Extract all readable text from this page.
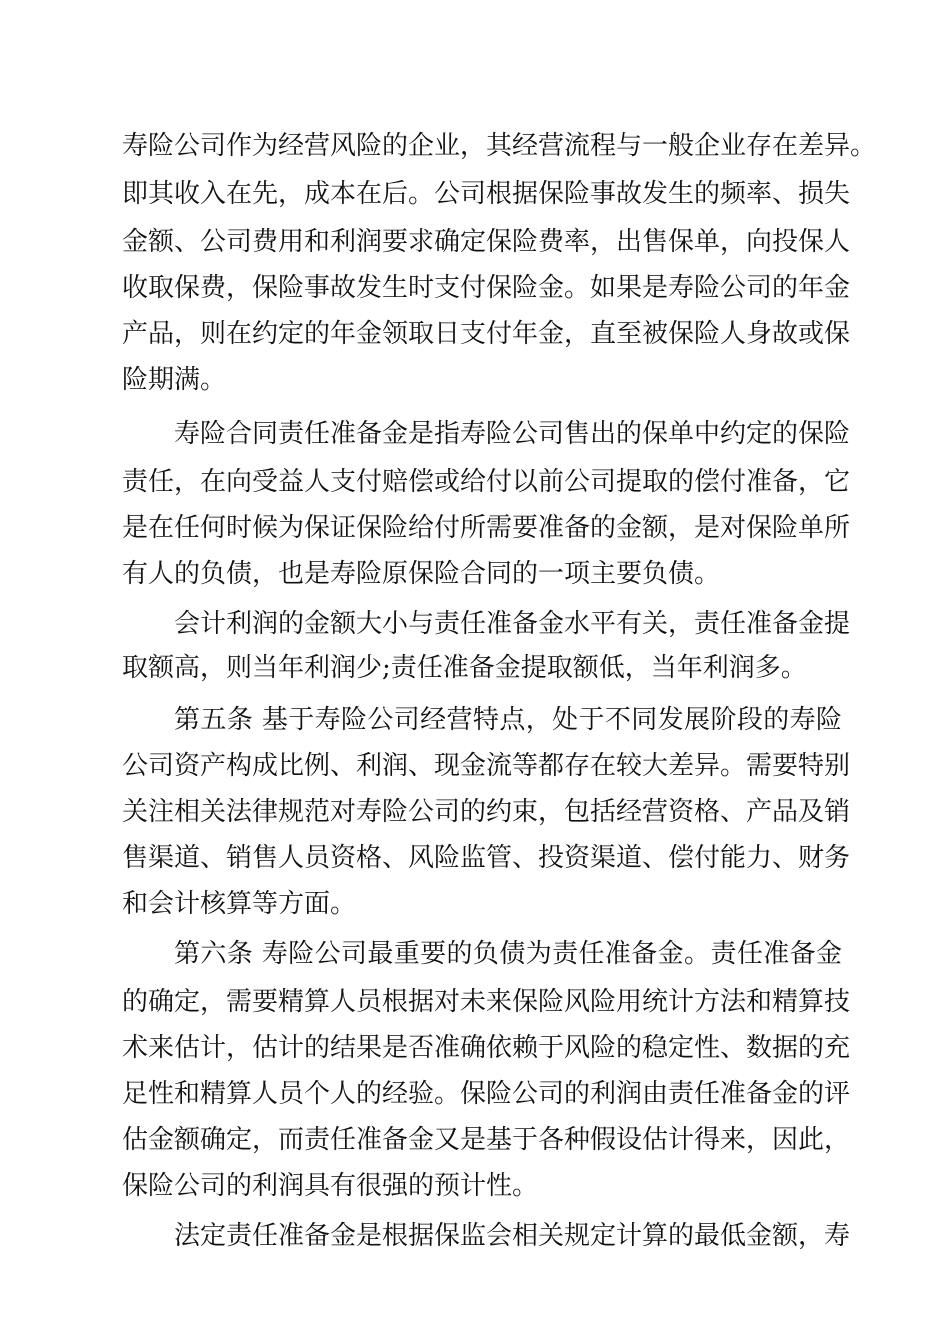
寿险公司作为经营风险的企业，其经营流程与一般企业存在差异。
即其收入在先，成本在后。公司根据保险事故发生的频率、损失
金额、公司费用和利润要求确定保险费率，出售保单，向投保人
收取保费，保险事故发生时支付保险金。如果是寿险公司的年金
产品，则在约定的年金领取日支付年金，直至被保险人身故或保
险期满。
寿险合同责任准备金是指寿险公司售出的保单中约定的保险
责任，在向受益人支付赔偿或给付以前公司提取的偿付准备，它
是在任何时候为保证保险给付所需要准备的金额，是对保险单所
有人的负债，也是寿险原保险合同的一项主要负债。
会计利润的金额大小与责任准备金水平有关，责任准备金提
取额高，则当年利润少;责任准备金提取额低，当年利润多。
第五条 基于寿险公司经营特点，处于不同发展阶段的寿险
公司资产构成比例、利润、现金流等都存在较大差异。需要特别
关注相关法律规范对寿险公司的约束，包括经营资格、产品及销
售渠道、销售人员资格、风险监管、投资渠道、偿付能力、财务
和会计核算等方面。
第六条 寿险公司最重要的负债为责任准备金。责任准备金
的确定，需要精算人员根据对未来保险风险用统计方法和精算技
术来估计，估计的结果是否准确依赖于风险的稳定性、数据的充
足性和精算人员个人的经验。保险公司的利润由责任准备金的评
估金额确定，而责任准备金又是基于各种假设估计得来，因此，
保险公司的利润具有很强的预计性。
法定责任准备金是根据保监会相关规定计算的最低金额，寿
